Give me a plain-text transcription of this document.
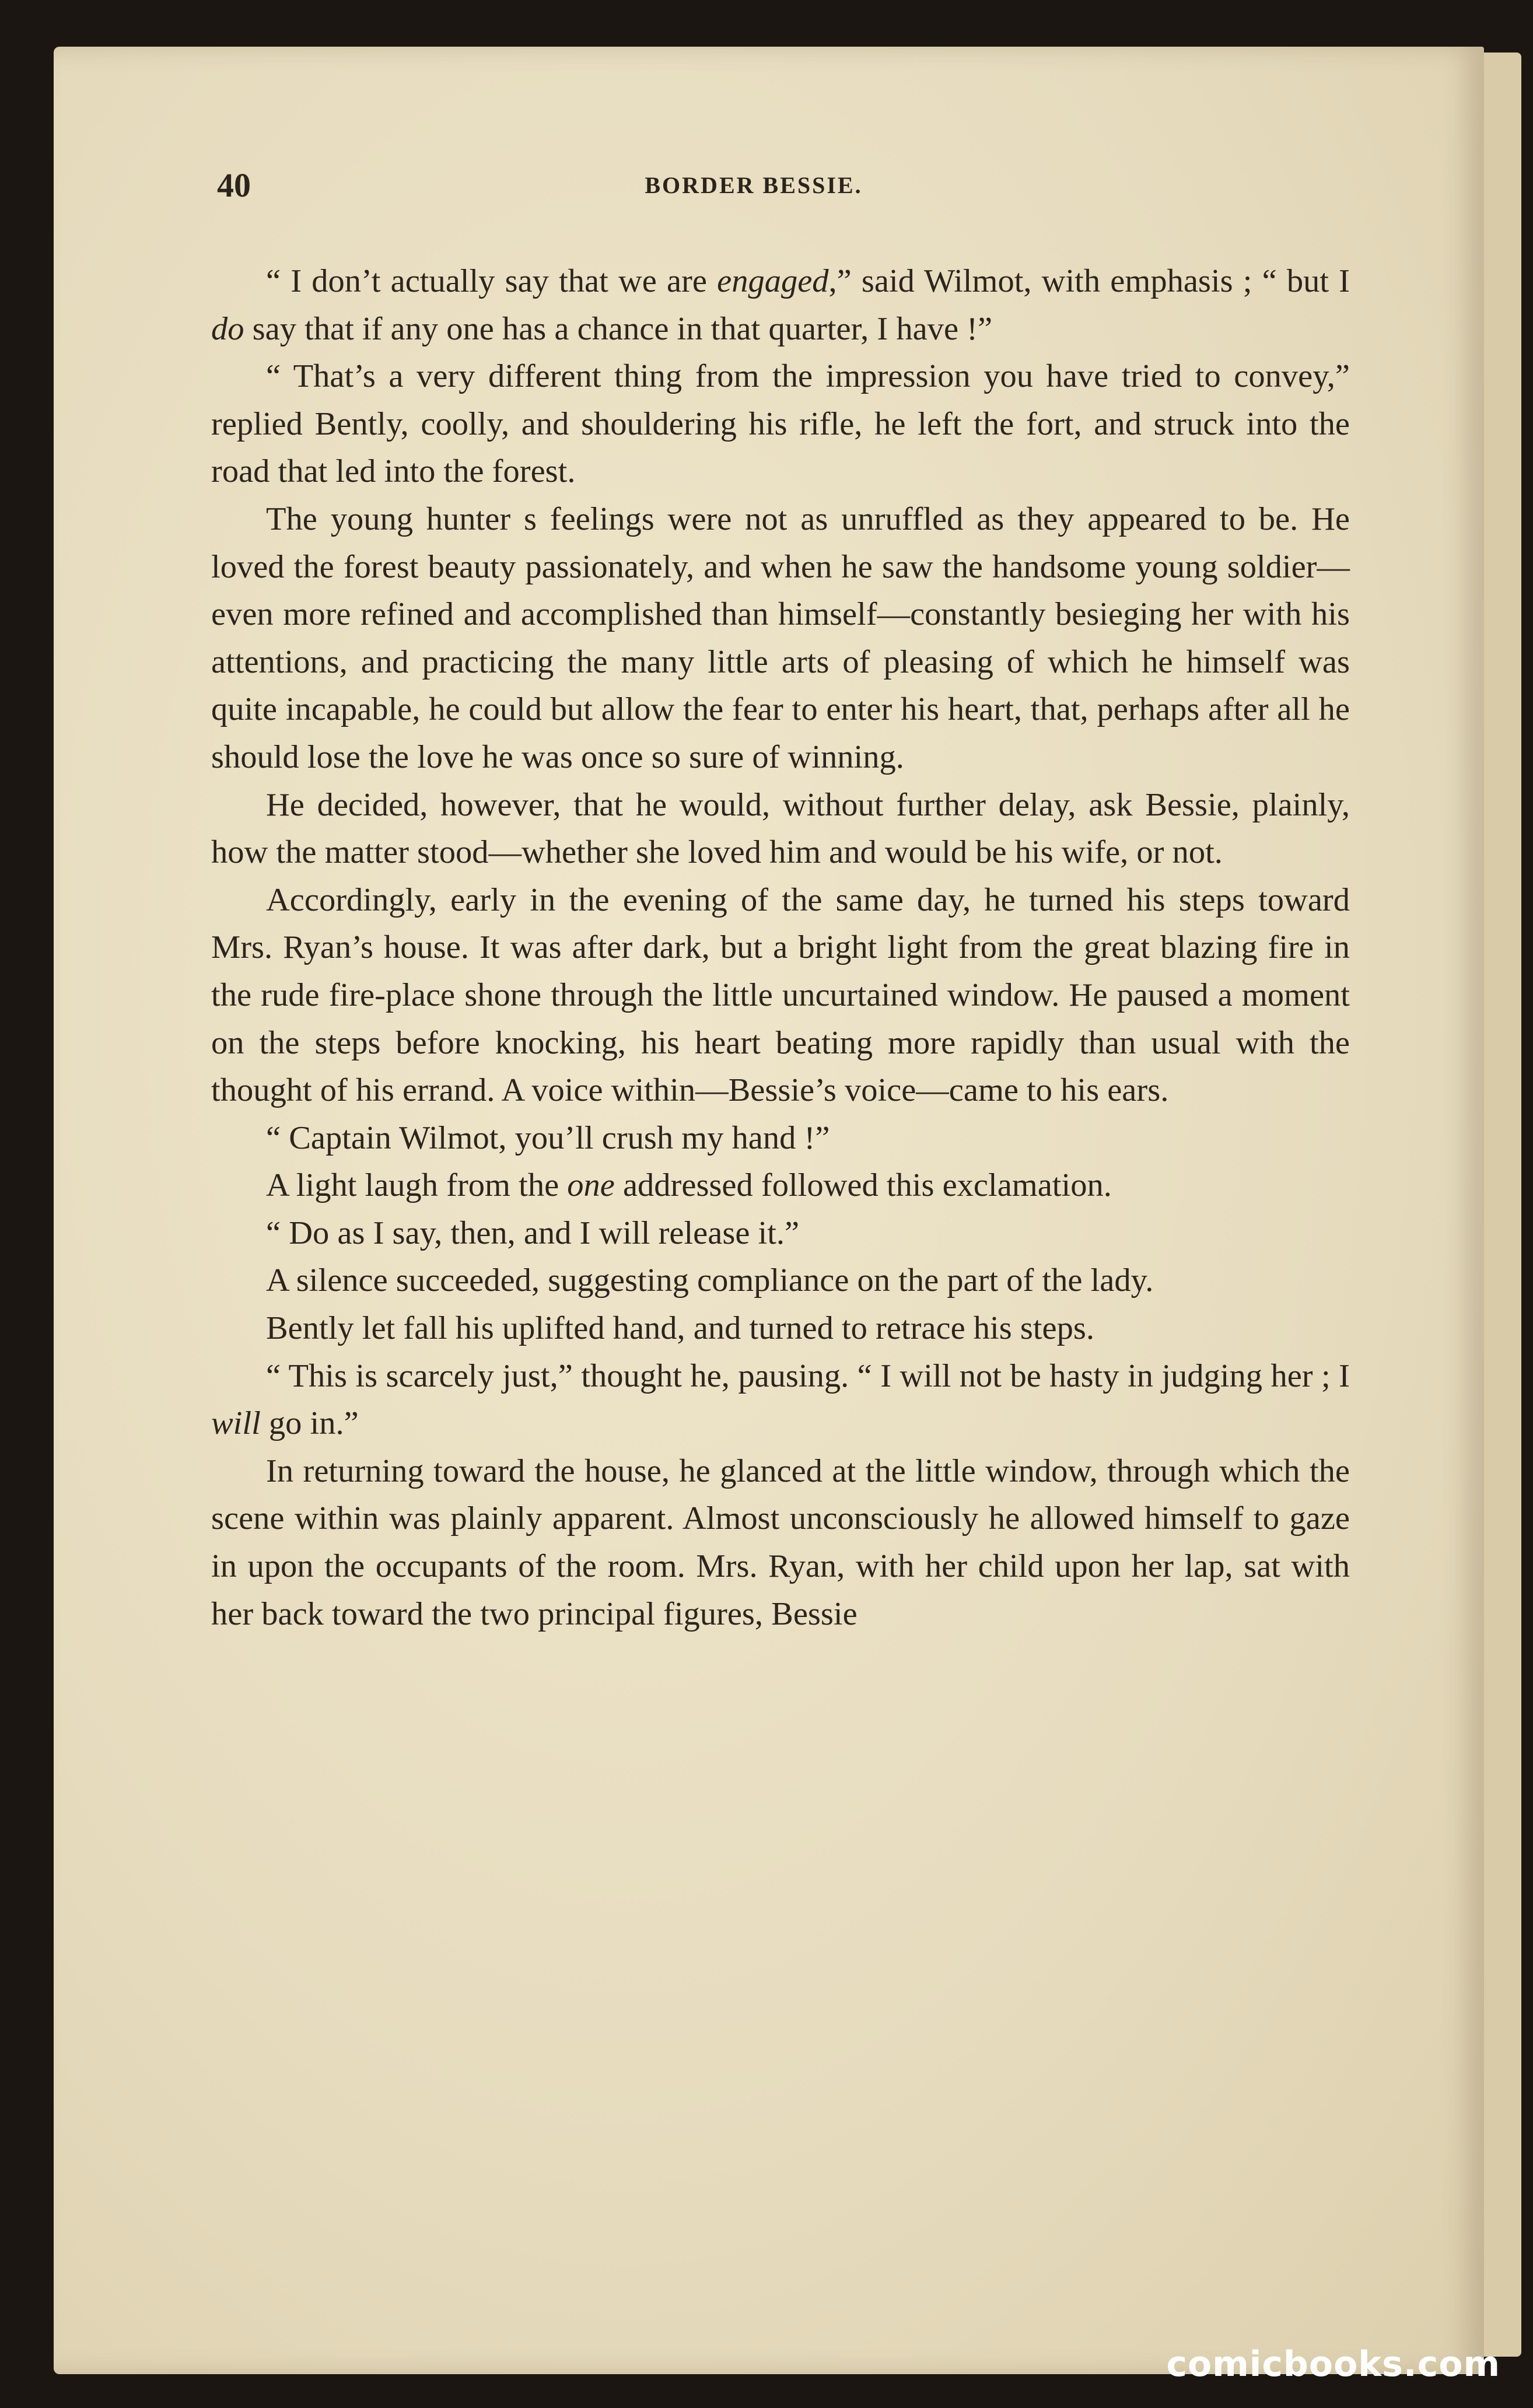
40	BORDER BESSIE.

“ I don’t actually say that we are engaged,” said Wilmot, with emphasis ; “ but I do say that if any one has a chance in that quarter, I have !”

“ That’s a very different thing from the impression you have tried to convey,” replied Bently, coolly, and shouldering his rifle, he left the fort, and struck into the road that led into the forest.

The young hunter s feelings were not as unruffled as they appeared to be. He loved the forest beauty passionately, and when he saw the handsome young soldier—even more refined and accomplished than himself—constantly besieging her with his attentions, and practicing the many little arts of pleasing of which he himself was quite incapable, he could but allow the fear to enter his heart, that, perhaps after all he should lose the love he was once so sure of winning.

He decided, however, that he would, without further delay, ask Bessie, plainly, how the matter stood—whether she loved him and would be his wife, or not.

Accordingly, early in the evening of the same day, he turned his steps toward Mrs. Ryan’s house. It was after dark, but a bright light from the great blazing fire in the rude fire-place shone through the little uncurtained window. He paused a moment on the steps before knocking, his heart beating more rapidly than usual with the thought of his errand. A voice within—Bessie’s voice—came to his ears.

“ Captain Wilmot, you’ll crush my hand !”

A light laugh from the one addressed followed this exclamation.

“ Do as I say, then, and I will release it.”

A silence succeeded, suggesting compliance on the part of the lady.

Bently let fall his uplifted hand, and turned to retrace his steps.

“ This is scarcely just,” thought he, pausing. “ I will not be hasty in judging her ; I will go in.”

In returning toward the house, he glanced at the little window, through which the scene within was plainly apparent. Almost unconsciously he allowed himself to gaze in upon the occupants of the room. Mrs. Ryan, with her child upon her lap, sat with her back toward the two principal figures, Bessie

comicbooks.com
